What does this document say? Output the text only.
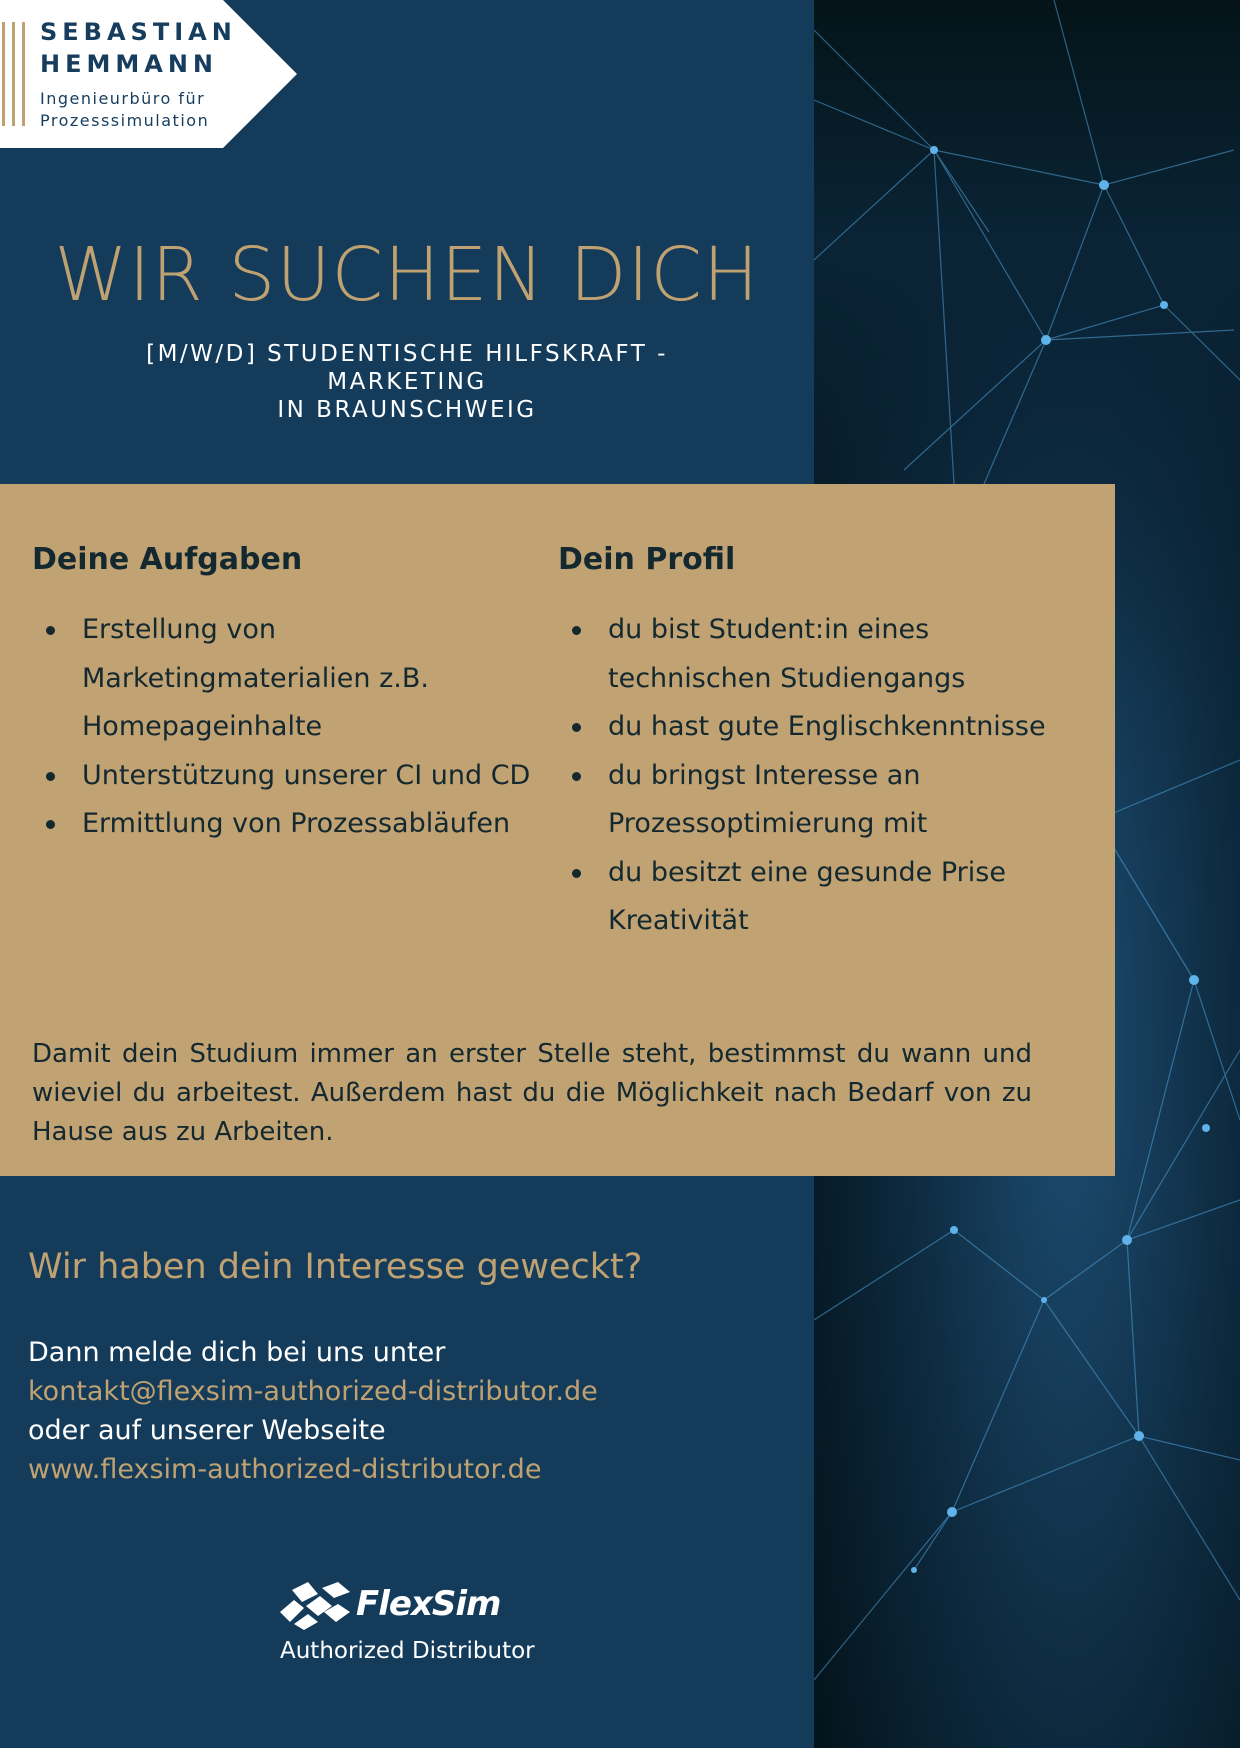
SEBASTIAN
HEMMANN
Ingenieurbüro für
Prozesssimulation
WIR SUCHEN DICH
[M/W/D] STUDENTISCHE HILFSKRAFT -
MARKETING
IN BRAUNSCHWEIG
Deine Aufgaben
Erstellung von Marketingmaterialien z.B. Homepageinhalte
Unterstützung unserer CI und CD
Ermittlung von Prozessabläufen
Dein Profil
du bist Student:in eines technischen Studiengangs
du hast gute Englischkenntnisse
du bringst Interesse an Prozessoptimierung mit
du besitzt eine gesunde Prise Kreativität
Damit dein Studium immer an erster Stelle steht, bestimmst du wann und wieviel du arbeitest. Außerdem hast du die Möglichkeit nach Bedarf von zu Hause aus zu Arbeiten.
Wir haben dein Interesse geweckt?
Dann melde dich bei uns unter
kontakt@flexsim-authorized-distributor.de
oder auf unserer Webseite
www.flexsim-authorized-distributor.de
FlexSim
Authorized Distributor
